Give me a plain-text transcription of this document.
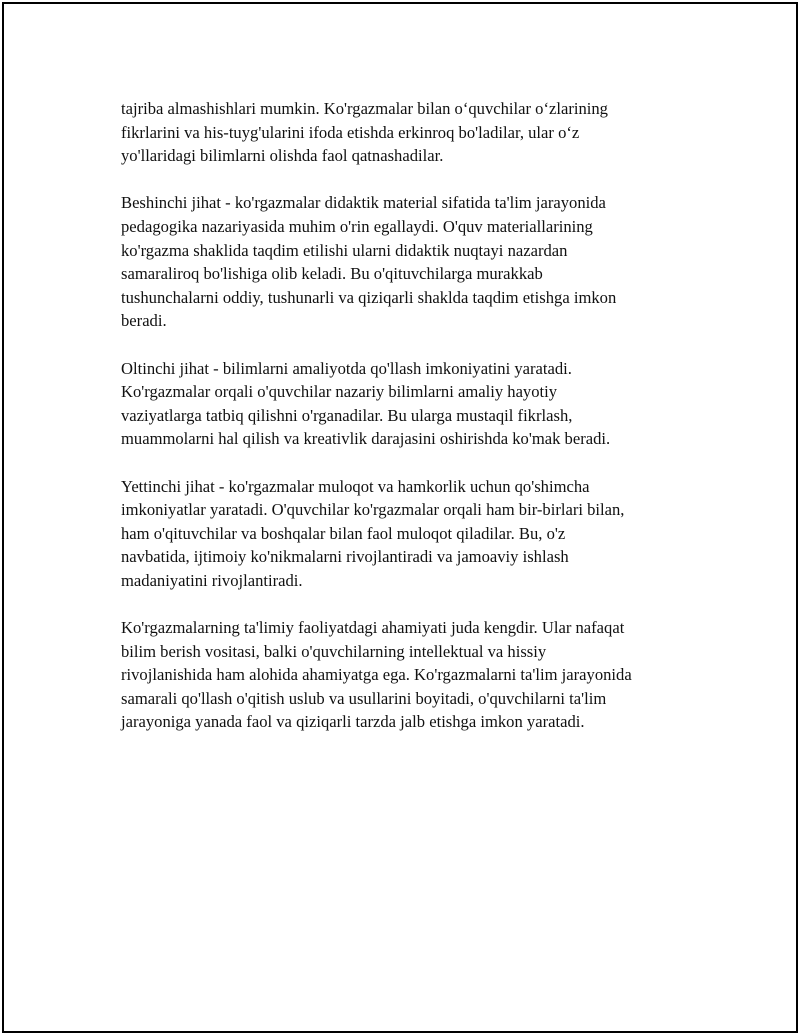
tajriba almashishlari mumkin. Ko'rgazmalar bilan o‘quvchilar o‘zlarining
fikrlarini va his-tuyg'ularini ifoda etishda erkinroq bo'ladilar, ular o‘z
yo'llaridagi bilimlarni olishda faol qatnashadilar.

Beshinchi jihat - ko'rgazmalar didaktik material sifatida ta'lim jarayonida
pedagogika nazariyasida muhim o'rin egallaydi. O'quv materiallarining
ko'rgazma shaklida taqdim etilishi ularni didaktik nuqtayi nazardan
samaraliroq bo'lishiga olib keladi. Bu o'qituvchilarga murakkab
tushunchalarni oddiy, tushunarli va qiziqarli shaklda taqdim etishga imkon
beradi.

Oltinchi jihat - bilimlarni amaliyotda qo'llash imkoniyatini yaratadi.
Ko'rgazmalar orqali o'quvchilar nazariy bilimlarni amaliy hayotiy
vaziyatlarga tatbiq qilishni o'rganadilar. Bu ularga mustaqil fikrlash,
muammolarni hal qilish va kreativlik darajasini oshirishda ko'mak beradi.

Yettinchi jihat - ko'rgazmalar muloqot va hamkorlik uchun qo'shimcha
imkoniyatlar yaratadi. O'quvchilar ko'rgazmalar orqali ham bir-birlari bilan,
ham o'qituvchilar va boshqalar bilan faol muloqot qiladilar. Bu, o'z
navbatida, ijtimoiy ko'nikmalarni rivojlantiradi va jamoaviy ishlash
madaniyatini rivojlantiradi.

Ko'rgazmalarning ta'limiy faoliyatdagi ahamiyati juda kengdir. Ular nafaqat
bilim berish vositasi, balki o'quvchilarning intellektual va hissiy
rivojlanishida ham alohida ahamiyatga ega. Ko'rgazmalarni ta'lim jarayonida
samarali qo'llash o'qitish uslub va usullarini boyitadi, o'quvchilarni ta'lim
jarayoniga yanada faol va qiziqarli tarzda jalb etishga imkon yaratadi.
